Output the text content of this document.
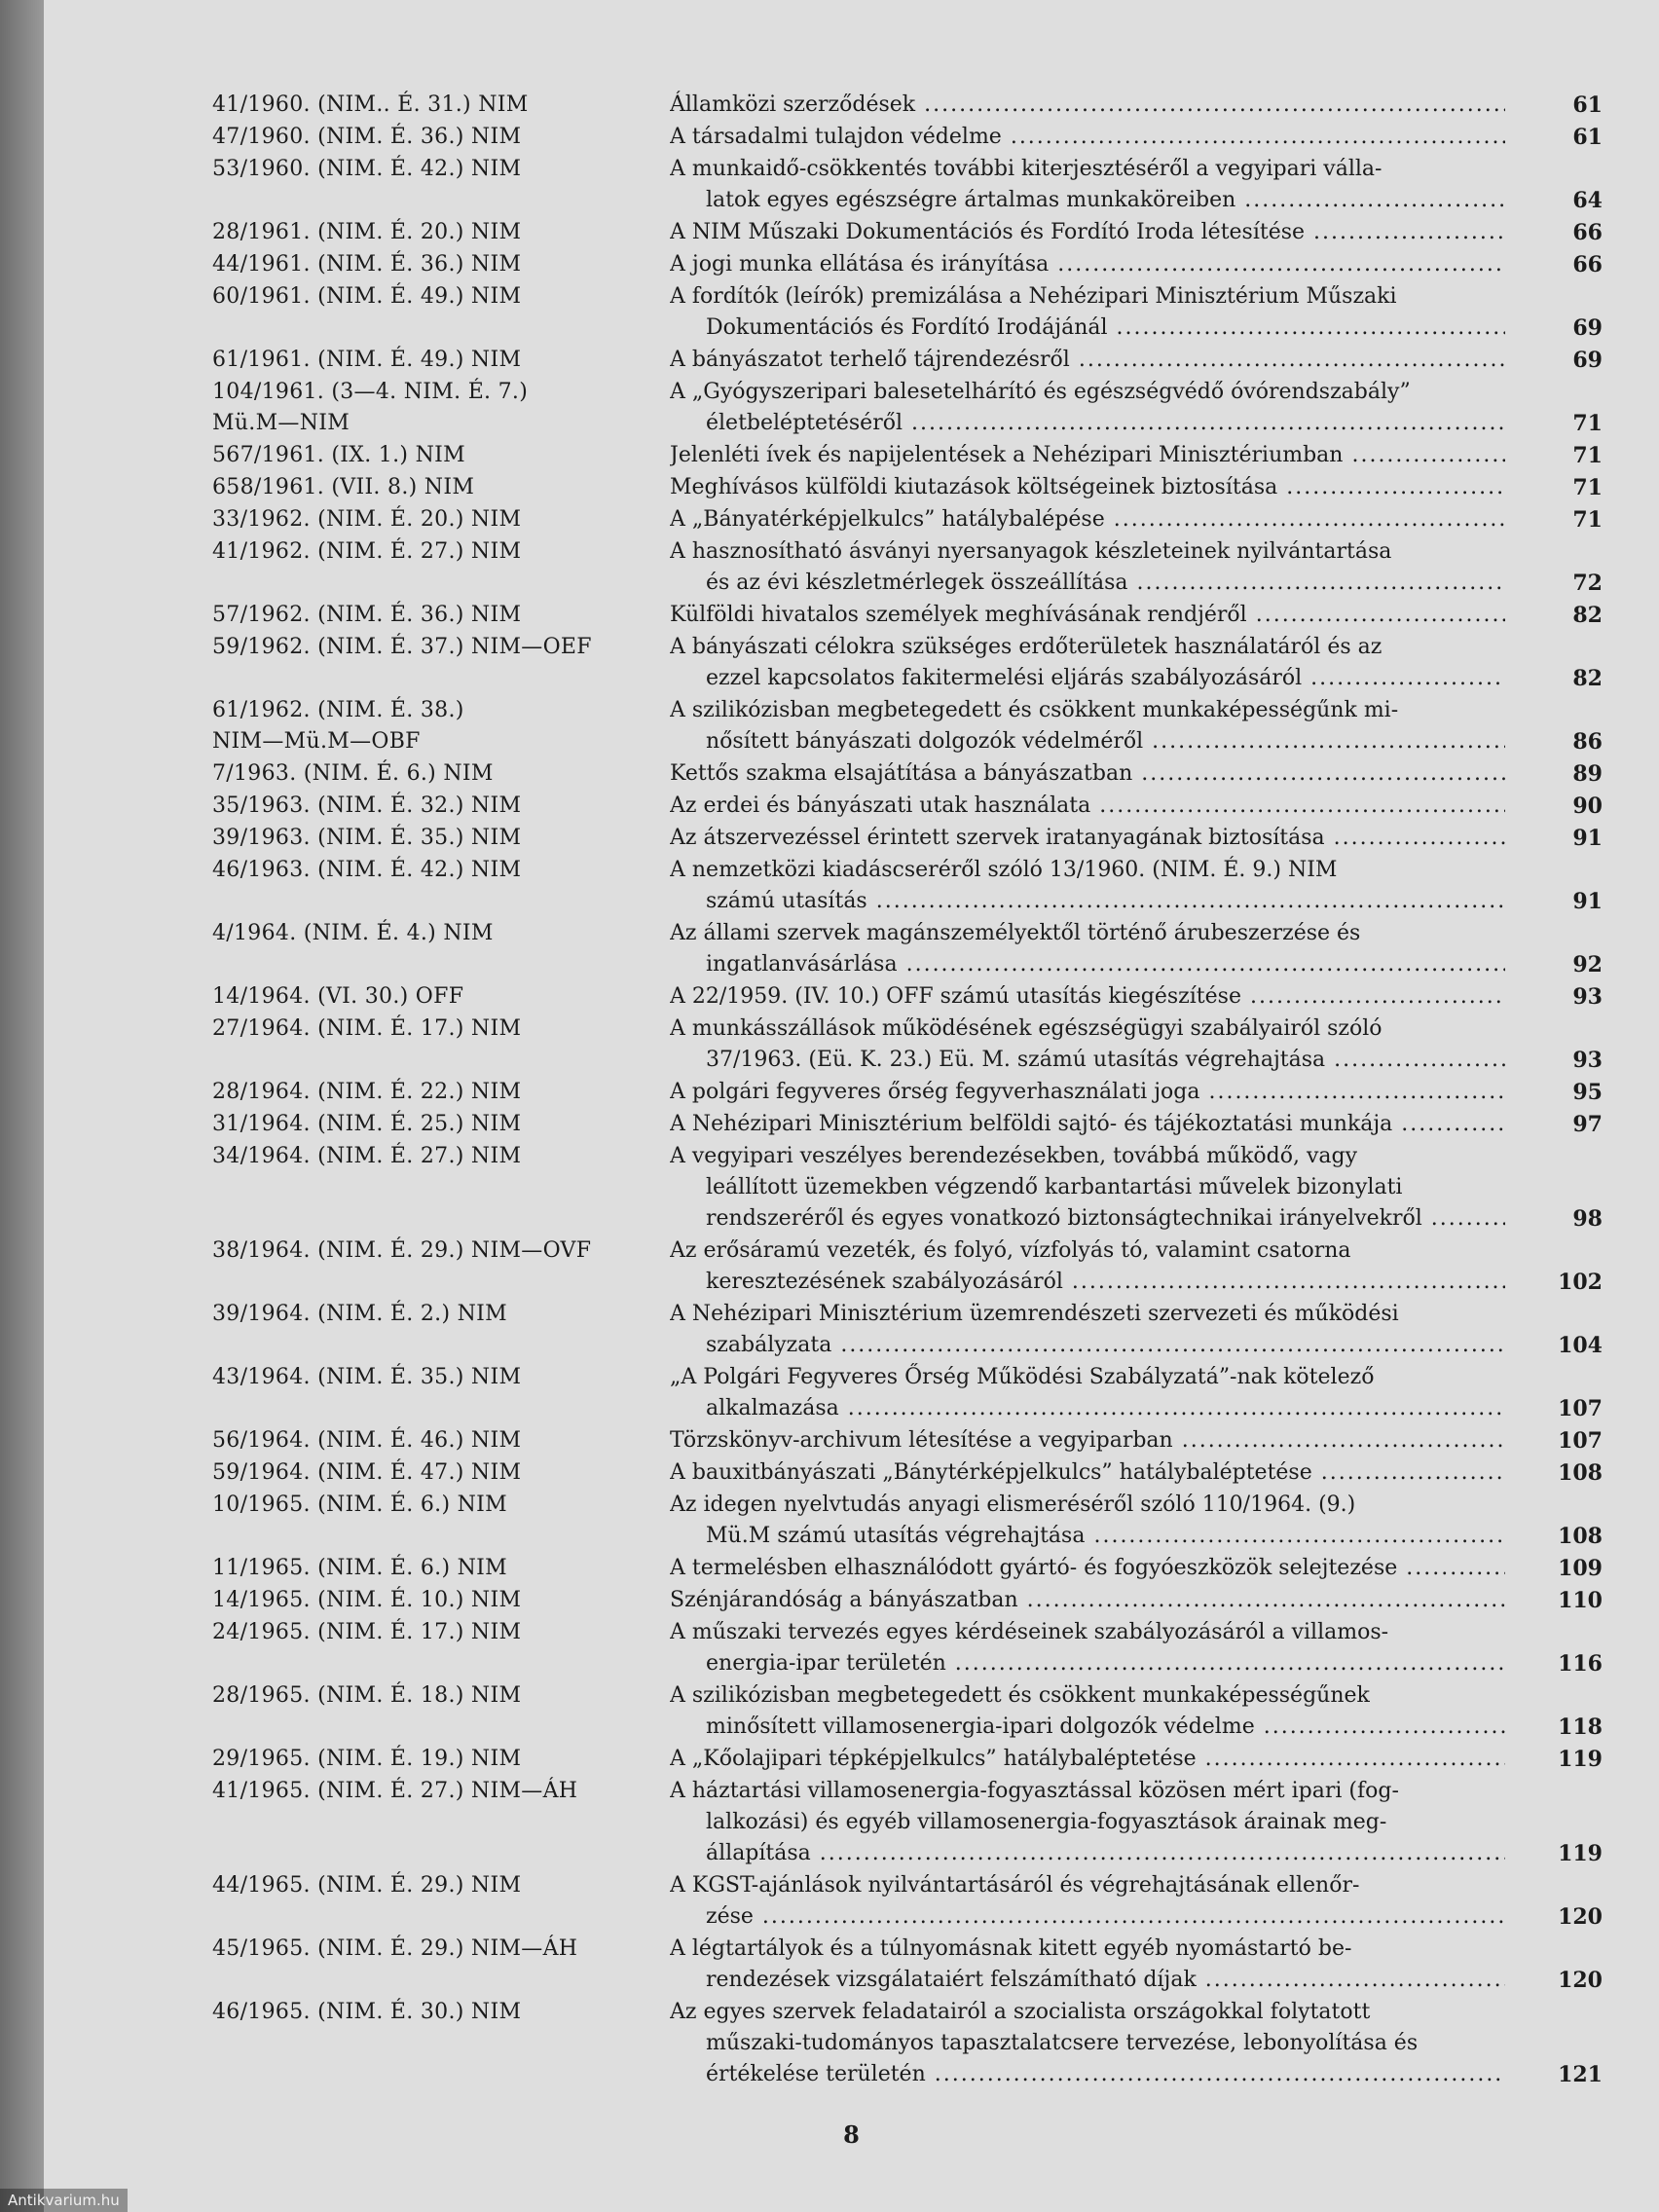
41/1960. (NIM.. É. 31.) NIM	Államközi szerződések .....	61
47/1960. (NIM. É. 36.) NIM	A társadalmi tulajdon védelme .....	61
53/1960. (NIM. É. 42.) NIM	A munkaidő-csökkentés további kiterjesztéséről a vegyipari válla-
latok egyes egészségre ártalmas munkaköreiben .....	64
28/1961. (NIM. É. 20.) NIM	A NIM Műszaki Dokumentációs és Fordító Iroda létesítése .....	66
44/1961. (NIM. É. 36.) NIM	A jogi munka ellátása és irányítása .....	66
60/1961. (NIM. É. 49.) NIM	A fordítók (leírók) premizálása a Nehézipari Minisztérium Műszaki
Dokumentációs és Fordító Irodájánál .....	69
61/1961. (NIM. É. 49.) NIM	A bányászatot terhelő tájrendezésről .....	69
104/1961. (3—4. NIM. É. 7.)
Mü.M—NIM
A „Gyógyszeripari balesetelhárító és egészségvédő óvórendszabály”
életbeléptetéséről .....	71
567/1961. (IX. 1.) NIM	Jelenléti ívek és napijelentések a Nehézipari Minisztériumban .....	71
658/1961. (VII. 8.) NIM	Meghívásos külföldi kiutazások költségeinek biztosítása .....	71
33/1962. (NIM. É. 20.) NIM	A „Bányatérképjelkulcs” hatálybalépése .....	71
41/1962. (NIM. É. 27.) NIM	A hasznosítható ásványi nyersanyagok készleteinek nyilvántartása
és az évi készletmérlegek összeállítása .....	72
57/1962. (NIM. É. 36.) NIM	Külföldi hivatalos személyek meghívásának rendjéről .....	82
59/1962. (NIM. É. 37.) NIM—OEF	A bányászati célokra szükséges erdőterületek használatáról és az
ezzel kapcsolatos fakitermelési eljárás szabályozásáról .....	82
61/1962. (NIM. É. 38.)
NIM—Mü.M—OBF
A szilikózisban megbetegedett és csökkent munkaképességűnk mi-
nősített bányászati dolgozók védelméről .....	86
7/1963. (NIM. É. 6.) NIM	Kettős szakma elsajátítása a bányászatban .....	89
35/1963. (NIM. É. 32.) NIM	Az erdei és bányászati utak használata .....	90
39/1963. (NIM. É. 35.) NIM	Az átszervezéssel érintett szervek iratanyagának biztosítása .....	91
46/1963. (NIM. É. 42.) NIM	A nemzetközi kiadáscseréről szóló 13/1960. (NIM. É. 9.) NIM
számú utasítás .....	91
4/1964. (NIM. É. 4.) NIM	Az állami szervek magánszemélyektől történő árubeszerzése és
ingatlanvásárlása .....	92
14/1964. (VI. 30.) OFF	A 22/1959. (IV. 10.) OFF számú utasítás kiegészítése .....	93
27/1964. (NIM. É. 17.) NIM	A munkásszállások működésének egészségügyi szabályairól szóló
37/1963. (Eü. K. 23.) Eü. M. számú utasítás végrehajtása .....	93
28/1964. (NIM. É. 22.) NIM	A polgári fegyveres őrség fegyverhasználati joga .....	95
31/1964. (NIM. É. 25.) NIM	A Nehézipari Minisztérium belföldi sajtó- és tájékoztatási munkája .....	97
34/1964. (NIM. É. 27.) NIM	A vegyipari veszélyes berendezésekben, továbbá működő, vagy
leállított üzemekben végzendő karbantartási művelek bizonylati
rendszeréről és egyes vonatkozó biztonságtechnikai irányelvekről .....	98
38/1964. (NIM. É. 29.) NIM—OVF	Az erősáramú vezeték, és folyó, vízfolyás tó, valamint csatorna
keresztezésének szabályozásáról .....	102
39/1964. (NIM. É. 2.) NIM	A Nehézipari Minisztérium üzemrendészeti szervezeti és működési
szabályzata .....	104
43/1964. (NIM. É. 35.) NIM	„A Polgári Fegyveres Őrség Működési Szabályzatá”-nak kötelező
alkalmazása .....	107
56/1964. (NIM. É. 46.) NIM	Törzskönyv-archivum létesítése a vegyiparban .....	107
59/1964. (NIM. É. 47.) NIM	A bauxitbányászati „Bánytérképjelkulcs” hatálybaléptetése .....	108
10/1965. (NIM. É. 6.) NIM	Az idegen nyelvtudás anyagi elismeréséről szóló 110/1964. (9.)
Mü.M számú utasítás végrehajtása .....	108
11/1965. (NIM. É. 6.) NIM	A termelésben elhasználódott gyártó- és fogyóeszközök selejtezése .....	109
14/1965. (NIM. É. 10.) NIM	Szénjárandóság a bányászatban .....	110
24/1965. (NIM. É. 17.) NIM	A műszaki tervezés egyes kérdéseinek szabályozásáról a villamos-
energia-ipar területén .....	116
28/1965. (NIM. É. 18.) NIM	A szilikózisban megbetegedett és csökkent munkaképességűnek
minősített villamosenergia-ipari dolgozók védelme .....	118
29/1965. (NIM. É. 19.) NIM	A „Kőolajipari tépképjelkulcs” hatálybaléptetése .....	119
41/1965. (NIM. É. 27.) NIM—ÁH	A háztartási villamosenergia-fogyasztással közösen mért ipari (fog-
lalkozási) és egyéb villamosenergia-fogyasztások árainak meg-
állapítása .....	119
44/1965. (NIM. É. 29.) NIM	A KGST-ajánlások nyilvántartásáról és végrehajtásának ellenőr-
zése .....	120
45/1965. (NIM. É. 29.) NIM—ÁH	A légtartályok és a túlnyomásnak kitett egyéb nyomástartó be-
rendezések vizsgálataiért felszámítható díjak .....	120
46/1965. (NIM. É. 30.) NIM	Az egyes szervek feladatairól a szocialista országokkal folytatott
műszaki-tudományos tapasztalatcsere tervezése, lebonyolítása és
értékelése területén .....	121
8
Antikvarium.hu
